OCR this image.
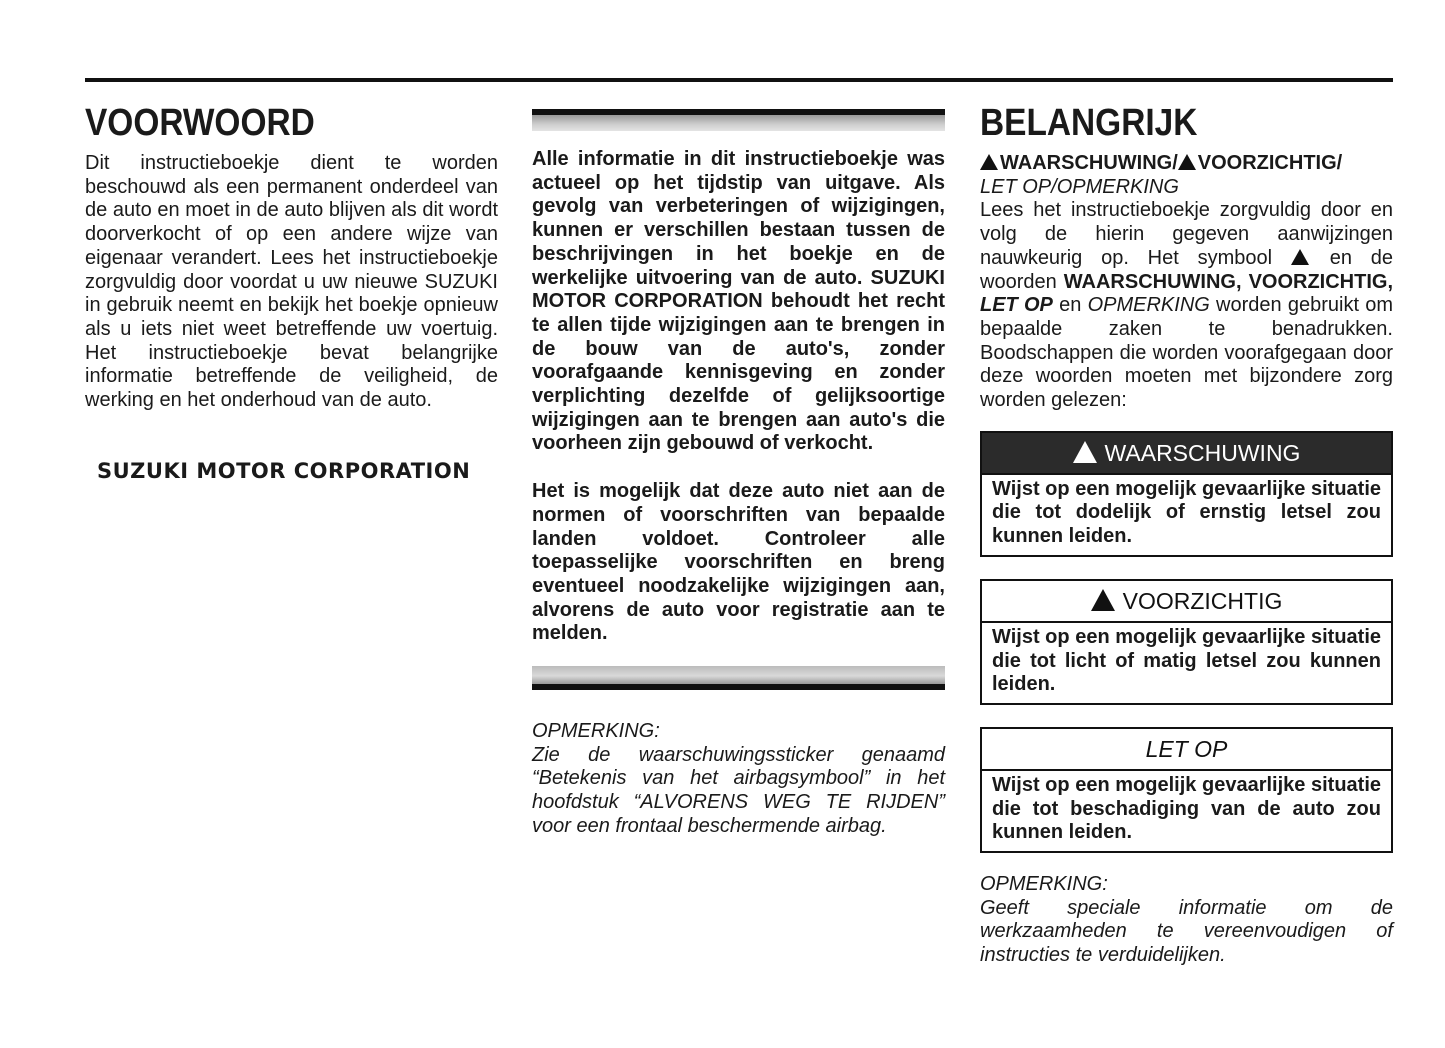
VOORWOORD

Dit instructieboekje dient te worden beschouwd als een permanent onderdeel van de auto en moet in de auto blijven als dit wordt doorverkocht of op een andere wijze van eigenaar verandert. Lees het instructieboekje zorgvuldig door voordat u uw nieuwe SUZUKI in gebruik neemt en bekijk het boekje opnieuw als u iets niet weet betreffende uw voertuig. Het instructieboekje bevat belangrijke informatie betreffende de veiligheid, de werking en het onderhoud van de auto.

SUZUKI MOTOR CORPORATION

Alle informatie in dit instructieboekje was actueel op het tijdstip van uitgave. Als gevolg van verbeteringen of wijzigingen, kunnen er verschillen bestaan tussen de beschrijvingen in het boekje en de werkelijke uitvoering van de auto. SUZUKI MOTOR CORPORATION behoudt het recht te allen tijde wijzigingen aan te brengen in de bouw van de auto's, zonder voorafgaande kennisgeving en zonder verplichting dezelfde of gelijksoortige wijzigingen aan te brengen aan auto's die voorheen zijn gebouwd of verkocht.

Het is mogelijk dat deze auto niet aan de normen of voorschriften van bepaalde landen voldoet. Controleer alle toepasselijke voorschriften en breng eventueel noodzakelijke wijzigingen aan, alvorens de auto voor registratie aan te melden.

OPMERKING:
Zie de waarschuwingssticker genaamd “Betekenis van het airbagsymbool” in het hoofdstuk “ALVORENS WEG TE RIJDEN” voor een frontaal beschermende airbag.
BELANGRIJK
WAARSCHUWING/ VOORZICHTIG/
LET OP/OPMERKING

Lees het instructieboekje zorgvuldig door en volg de hierin gegeven aanwijzingen nauwkeurig op. Het symbool	en de woorden WAARSCHUWING, VOORZICHTIG, LET OP en OPMERKING worden gebruikt om bepaalde zaken te benadrukken. Boodschappen die worden voorafgegaan door deze woorden moeten met bijzondere zorg worden gelezen:

WAARSCHUWING
Wijst op een mogelijk gevaarlijke situatie die tot dodelijk of ernstig letsel zou kunnen leiden.
VOORZICHTIG
Wijst op een mogelijk gevaarlijke situatie die tot licht of matig letsel zou kunnen leiden.
LET OP
Wijst op een mogelijk gevaarlijke situatie die tot beschadiging van de auto zou kunnen leiden.
OPMERKING:
Geeft speciale informatie om de werkzaamheden te vereenvoudigen of instructies te verduidelijken.
